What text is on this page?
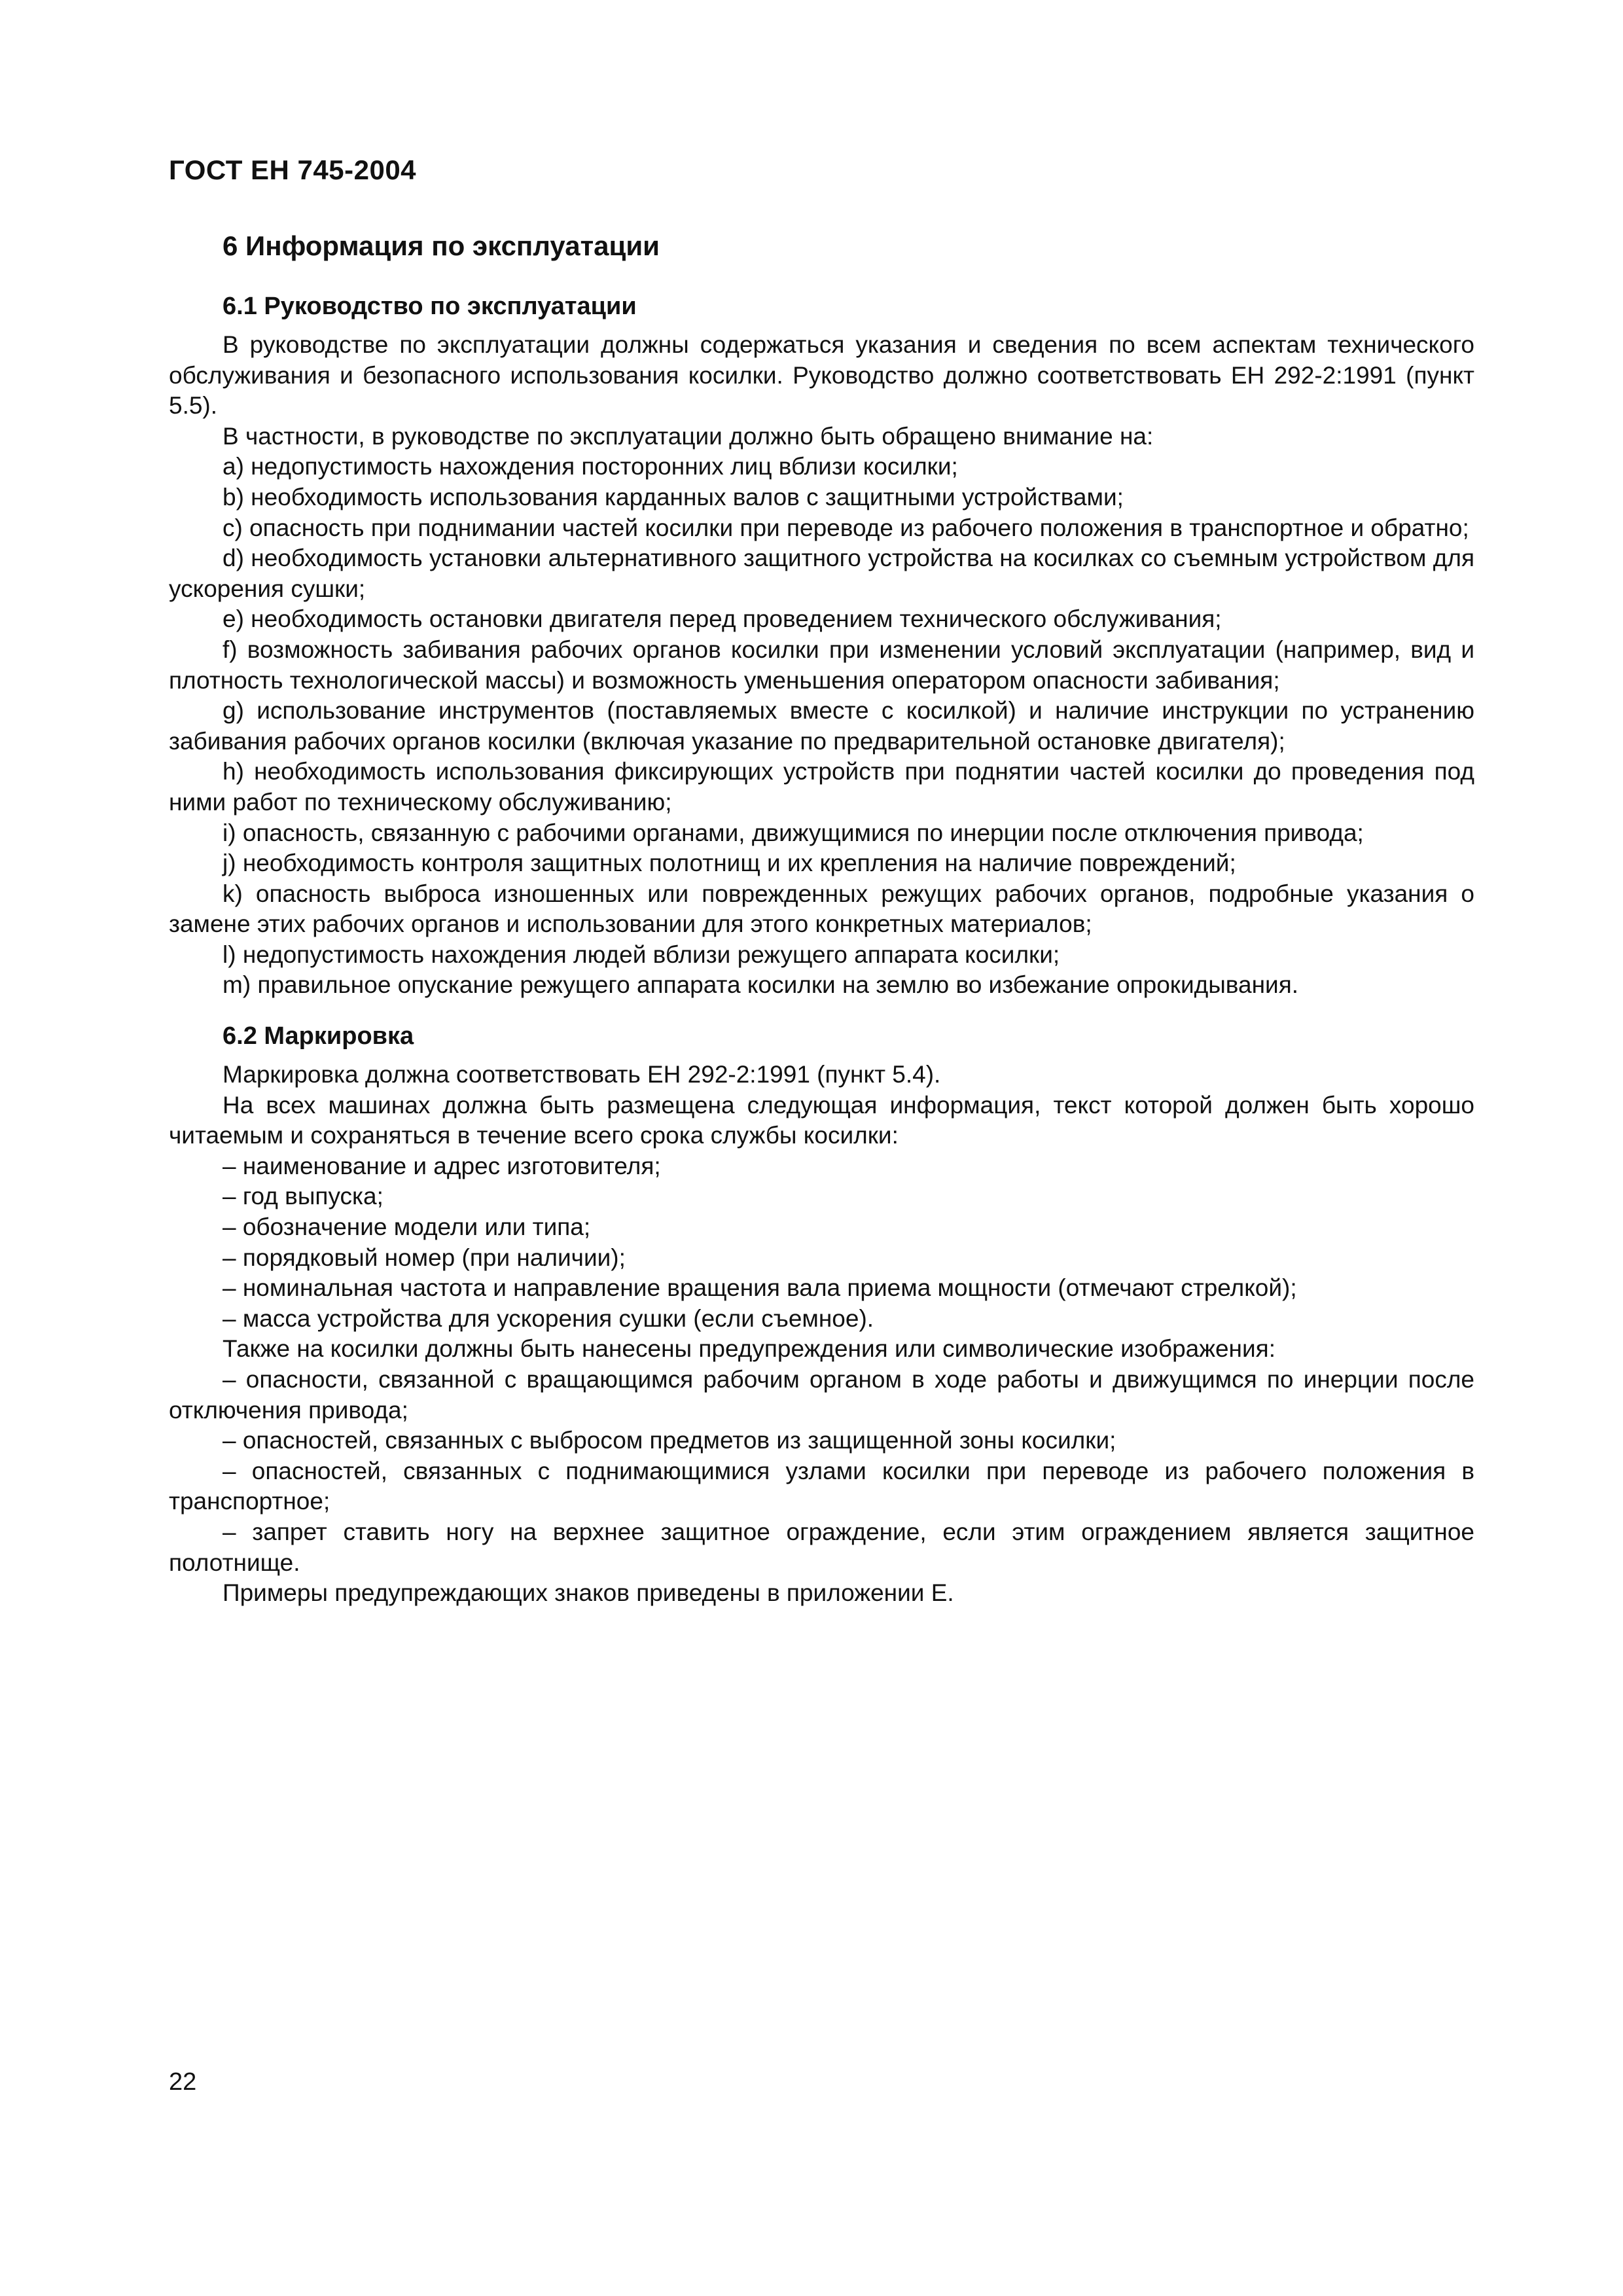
ГОСТ ЕН 745-2004
6 Информация по эксплуатации
6.1 Руководство по эксплуатации

В руководстве по эксплуатации должны содержаться указания и сведения по всем аспектам технического обслуживания и безопасного использования косилки. Руководство должно соответствовать ЕН 292-2:1991 (пункт 5.5).

В частности, в руководстве по эксплуатации должно быть обращено внимание на:

a) недопустимость нахождения посторонних лиц вблизи косилки;

b) необходимость использования карданных валов с защитными устройствами;

c) опасность при поднимании частей косилки при переводе из рабочего положения в транспортное и обратно;

d) необходимость установки альтернативного защитного устройства на косилках со съемным устройством для ускорения сушки;

e) необходимость остановки двигателя перед проведением технического обслуживания;

f) возможность забивания рабочих органов косилки при изменении условий эксплуатации (например, вид и плотность технологической массы) и возможность уменьшения оператором опасности забивания;

g) использование инструментов (поставляемых вместе с косилкой) и наличие инструкции по устранению забивания рабочих органов косилки (включая указание по предварительной остановке двигателя);

h) необходимость использования фиксирующих устройств при поднятии частей косилки до проведения под ними работ по техническому обслуживанию;

i) опасность, связанную с рабочими органами, движущимися по инерции после отключения привода;

j) необходимость контроля защитных полотнищ и их крепления на наличие повреждений;

k) опасность выброса изношенных или поврежденных режущих рабочих органов, подробные указания о замене этих рабочих органов и использовании для этого конкретных материалов;

l) недопустимость нахождения людей вблизи режущего аппарата косилки;

m) правильное опускание режущего аппарата косилки на землю во избежание опрокидывания.

6.2 Маркировка

Маркировка должна соответствовать ЕН 292-2:1991 (пункт 5.4).

На всех машинах должна быть размещена следующая информация, текст которой должен быть хорошо читаемым и сохраняться в течение всего срока службы косилки:

– наименование и адрес изготовителя;

– год выпуска;

– обозначение модели или типа;

– порядковый номер (при наличии);

– номинальная частота и направление вращения вала приема мощности (отмечают стрелкой);

– масса устройства для ускорения сушки (если съемное).

Также на косилки должны быть нанесены предупреждения или символические изображения:

– опасности, связанной с вращающимся рабочим органом в ходе работы и движущимся по инерции после отключения привода;

– опасностей, связанных с выбросом предметов из защищенной зоны косилки;

– опасностей, связанных с поднимающимися узлами косилки при переводе из рабочего положения в транспортное;

– запрет ставить ногу на верхнее защитное ограждение, если этим ограждением является защитное полотнище.

Примеры предупреждающих знаков приведены в приложении Е.

22
